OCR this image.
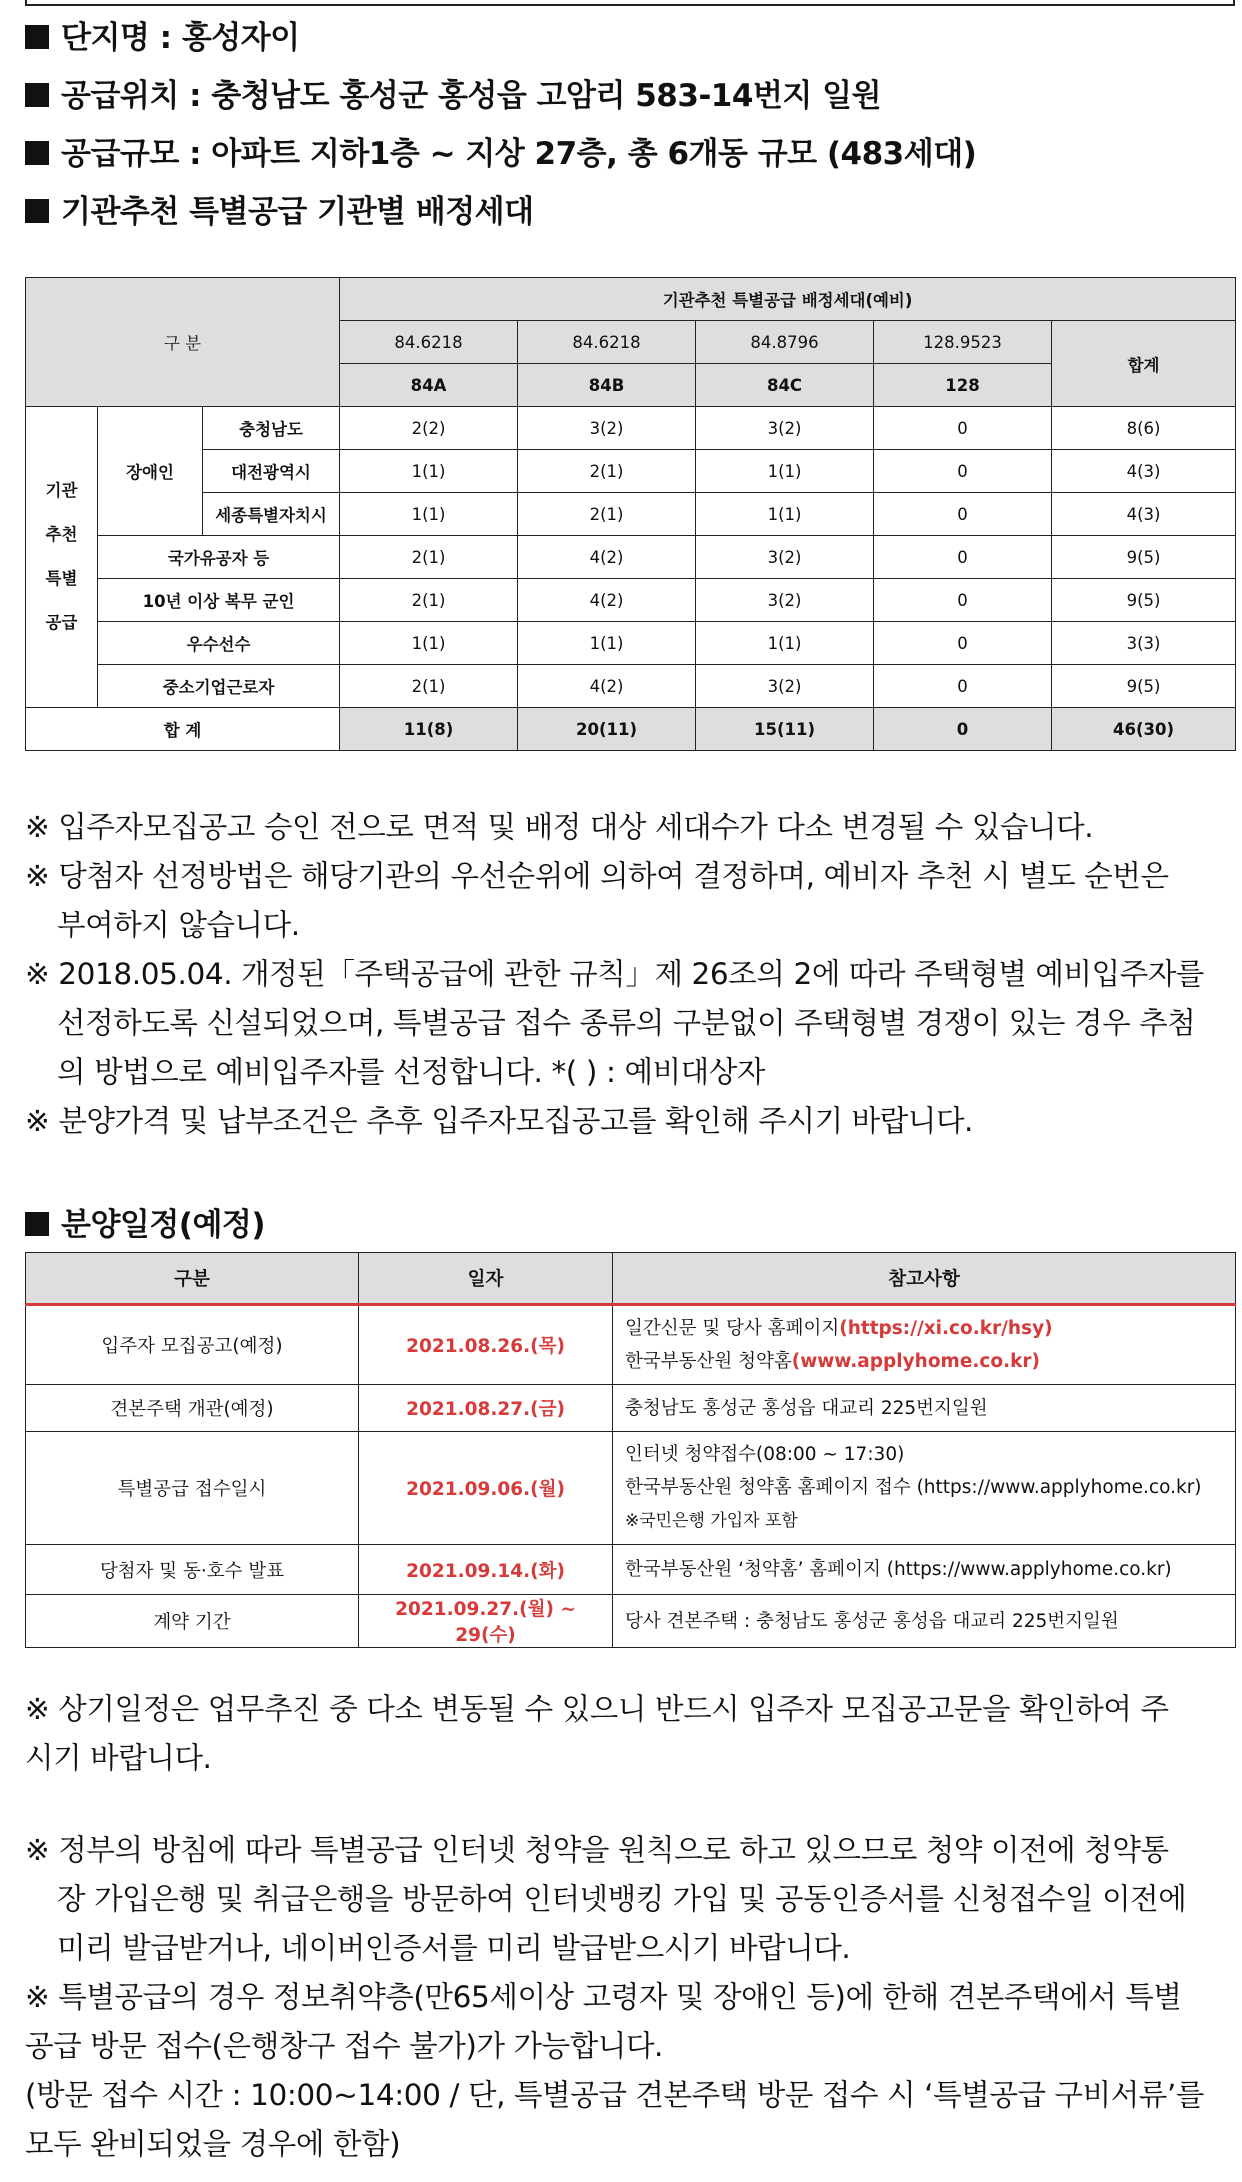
단지명 : 홍성자이
공급위치 : 충청남도 홍성군 홍성읍 고암리 583-14번지 일원
공급규모 : 아파트 지하1층 ~ 지상 27층, 총 6개동 규모 (483세대)
기관추천 특별공급 기관별 배정세대
구 분			기관추천 특별공급 배정세대(예비)				
			84.6218	84.6218	84.8796	128.9523	합계
			84A	84B	84C	128	
기관
추천
특별
공급	장애인	충청남도	2(2)	3(2)	3(2)	0	8(6)
		대전광역시	1(1)	2(1)	1(1)	0	4(3)
		세종특별자치시	1(1)	2(1)	1(1)	0	4(3)
	국가유공자 등		2(1)	4(2)	3(2)	0	9(5)
	10년 이상 복무 군인		2(1)	4(2)	3(2)	0	9(5)
	우수선수		1(1)	1(1)	1(1)	0	3(3)
	중소기업근로자		2(1)	4(2)	3(2)	0	9(5)
합 계			11(8)	20(11)	15(11)	0	46(30)

※ 입주자모집공고 승인 전으로 면적 및 배정 대상 세대수가 다소 변경될 수 있습니다.

※ 당첨자 선정방법은 해당기관의 우선순위에 의하여 결정하며, 예비자 추천 시 별도 순번은

부여하지 않습니다.

※ 2018.05.04. 개정된「주택공급에 관한 규칙」제 26조의 2에 따라 주택형별 예비입주자를

선정하도록 신설되었으며, 특별공급 접수 종류의 구분없이 주택형별 경쟁이 있는 경우 추첨

의 방법으로 예비입주자를 선정합니다. *( ) : 예비대상자

※ 분양가격 및 납부조건은 추후 입주자모집공고를 확인해 주시기 바랍니다.

분양일정(예정)
구분	일자	참고사항
입주자 모집공고(예정)	2021.08.26.(목)	일간신문 및 당사 홈페이지(https://xi.co.kr/hsy)
한국부동산원 청약홈(www.applyhome.co.kr)
견본주택 개관(예정)	2021.08.27.(금)	충청남도 홍성군 홍성읍 대교리 225번지일원
특별공급 접수일시	2021.09.06.(월)	인터넷 청약접수(08:00 ~ 17:30)
한국부동산원 청약홈 홈페이지 접수 (https://www.applyhome.co.kr)
※국민은행 가입자 포함
당첨자 및 동·호수 발표	2021.09.14.(화)	한국부동산원 ‘청약홈’ 홈페이지 (https://www.applyhome.co.kr)
계약 기간	2021.09.27.(월) ~ 29(수)	당사 견본주택 : 충청남도 홍성군 홍성읍 대교리 225번지일원

※ 상기일정은 업무추진 중 다소 변동될 수 있으니 반드시 입주자 모집공고문을 확인하여 주

시기 바랍니다.

※ 정부의 방침에 따라 특별공급 인터넷 청약을 원칙으로 하고 있으므로 청약 이전에 청약통

장 가입은행 및 취급은행을 방문하여 인터넷뱅킹 가입 및 공동인증서를 신청접수일 이전에

미리 발급받거나, 네이버인증서를 미리 발급받으시기 바랍니다.

※ 특별공급의 경우 정보취약층(만65세이상 고령자 및 장애인 등)에 한해 견본주택에서 특별

공급 방문 접수(은행창구 접수 불가)가 가능합니다.

(방문 접수 시간 : 10:00~14:00 / 단, 특별공급 견본주택 방문 접수 시 ‘특별공급 구비서류’를

모두 완비되었을 경우에 한함)
